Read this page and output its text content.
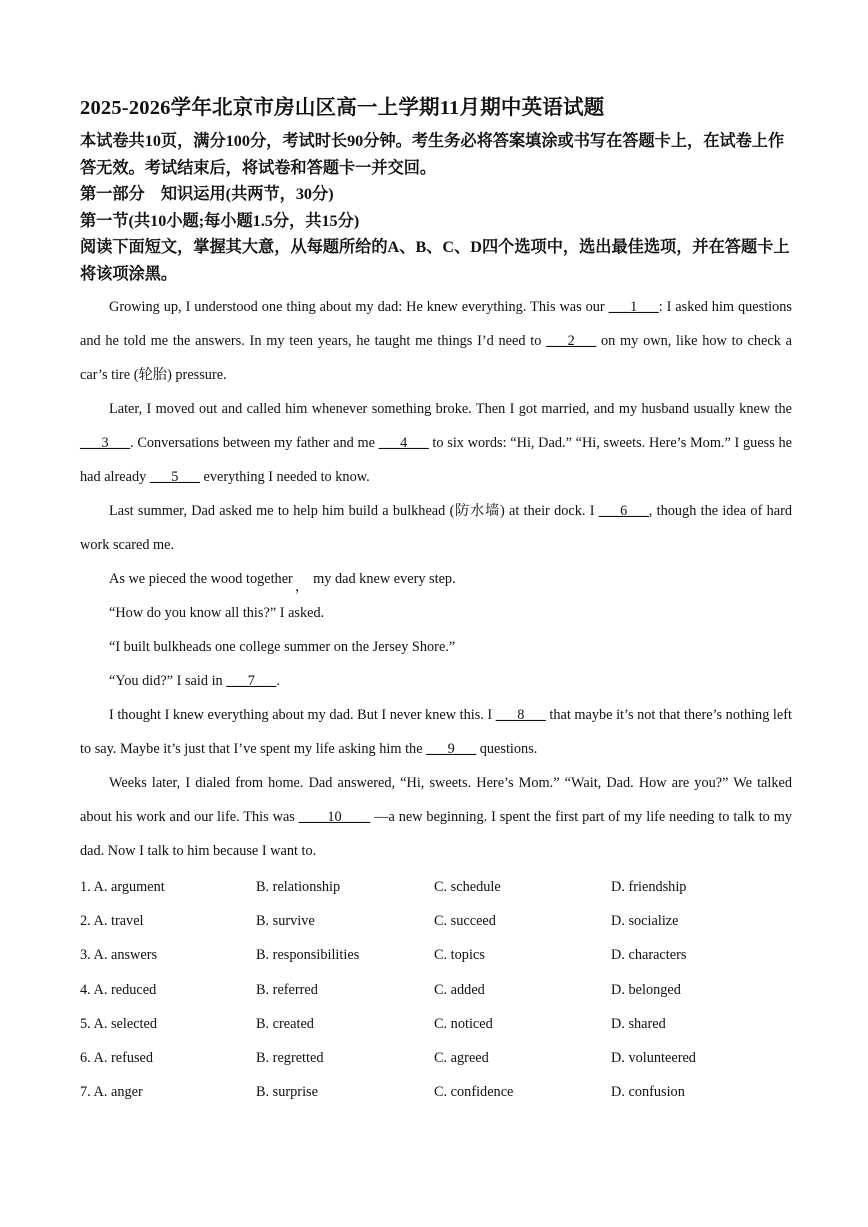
2025-2026学年北京市房山区高一上学期11月期中英语试题

本试卷共10页，满分100分，考试时长90分钟。考生务必将答案填涂或书写在答题卡上，在试卷上作答无效。考试结束后，将试卷和答题卡一并交回。

第一部分    知识运用(共两节，30分)

第一节(共10小题;每小题1.5分，共15分)

阅读下面短文，掌握其大意，从每题所给的A、B、C、D四个选项中，选出最佳选项，并在答题卡上将该项涂黑。

Growing up, I understood one thing about my dad: He knew everything. This was our ___1___: I asked him questions and he told me the answers. In my teen years, he taught me things I’d need to ___2___ on my own, like how to check a car’s tire (轮胎) pressure.

Later, I moved out and called him whenever something broke. Then I got married, and my husband usually knew the ___3___. Conversations between my father and me ___4___ to six words: “Hi, Dad.” “Hi, sweets. Here’s Mom.” I guess he had already ___5___ everything I needed to know.

Last summer, Dad asked me to help him build a bulkhead (防水墙) at their dock. I ___6___, though the idea of hard work scared me.

As we pieced the wood together ， my dad knew every step.

“How do you know all this?” I asked.

“I built bulkheads one college summer on the Jersey Shore.”

“You did?” I said in ___7___.

I thought I knew everything about my dad. But I never knew this. I ___8___ that maybe it’s not that there’s nothing left to say. Maybe it’s just that I’ve spent my life asking him the ___9___ questions.

Weeks later, I dialed from home. Dad answered, “Hi, sweets. Here’s Mom.” “Wait, Dad. How are you?” We talked about his work and our life. This was ____10____ —a new beginning. I spent the first part of my life needing to talk to my dad. Now I talk to him because I want to.

1. A. argument	B. relationship	C. schedule	D. friendship
2. A. travel	B. survive	C. succeed	D. socialize
3. A. answers	B. responsibilities	C. topics	D. characters
4. A. reduced	B. referred	C. added	D. belonged
5. A. selected	B. created	C. noticed	D. shared
6. A. refused	B. regretted	C. agreed	D. volunteered
7. A. anger	B. surprise	C. confidence	D. confusion
